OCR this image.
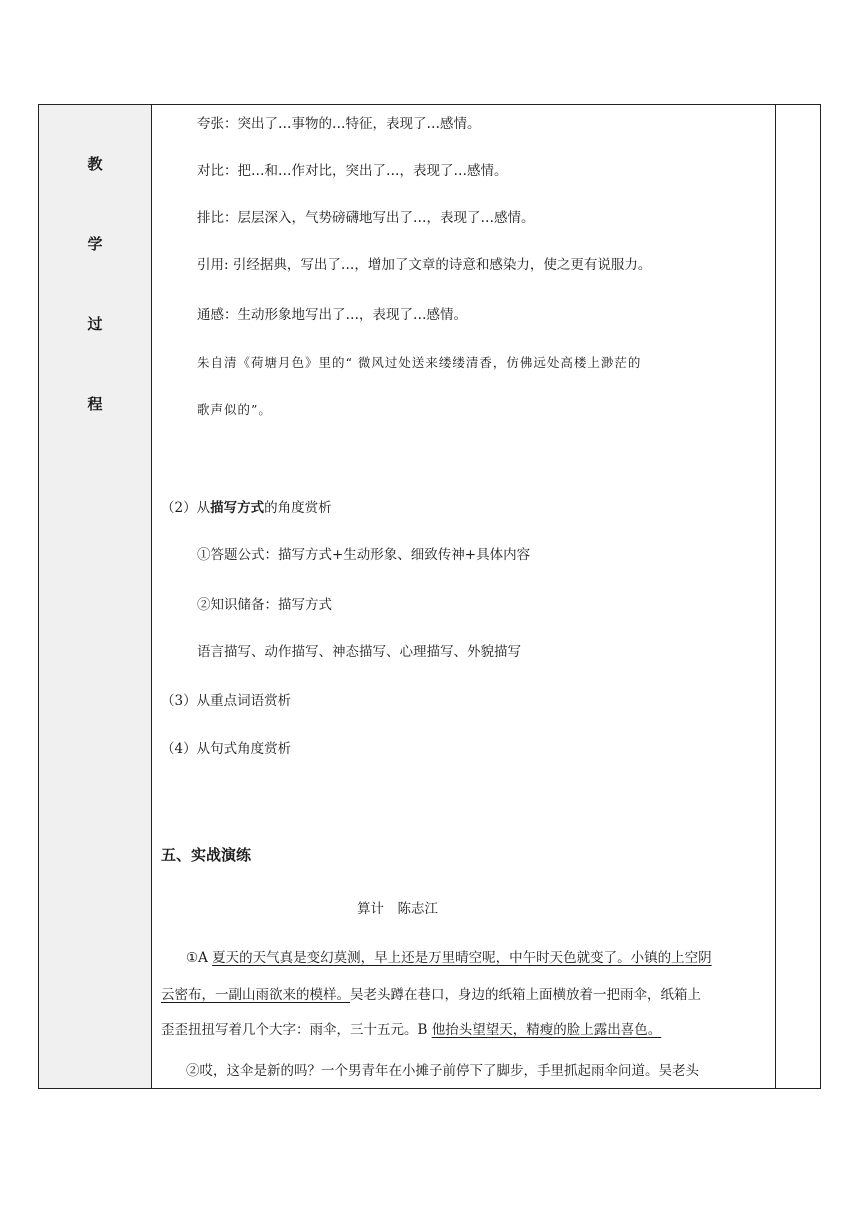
教
学
过
程
夸张：突出了…事物的…特征，表现了…感情。
对比：把…和…作对比，突出了…，表现了…感情。
排比：层层深入，气势磅礴地写出了…，表现了…感情。
引用: 引经据典，写出了…，增加了文章的诗意和感染力，使之更有说服力。
通感：生动形象地写出了…，表现了…感情。
朱自清《荷塘月色》里的“ 微风过处送来缕缕清香，仿佛远处高楼上渺茫的
歌声似的”。
（2）从描写方式的角度赏析
①答题公式：描写方式+生动形象、细致传神+具体内容
②知识储备：描写方式
语言描写、动作描写、神态描写、心理描写、外貌描写
（3）从重点词语赏析
（4）从句式角度赏析
五、实战演练
算计　陈志江
①A 夏天的天气真是变幻莫测，早上还是万里晴空呢，中午时天色就变了。小镇的上空阴
云密布，一副山雨欲来的模样。吴老头蹲在巷口，身边的纸箱上面横放着一把雨伞，纸箱上
歪歪扭扭写着几个大字：雨伞，三十五元。B 他抬头望望天，精瘦的脸上露出喜色。
②哎，这伞是新的吗？一个男青年在小摊子前停下了脚步，手里抓起雨伞问道。吴老头
